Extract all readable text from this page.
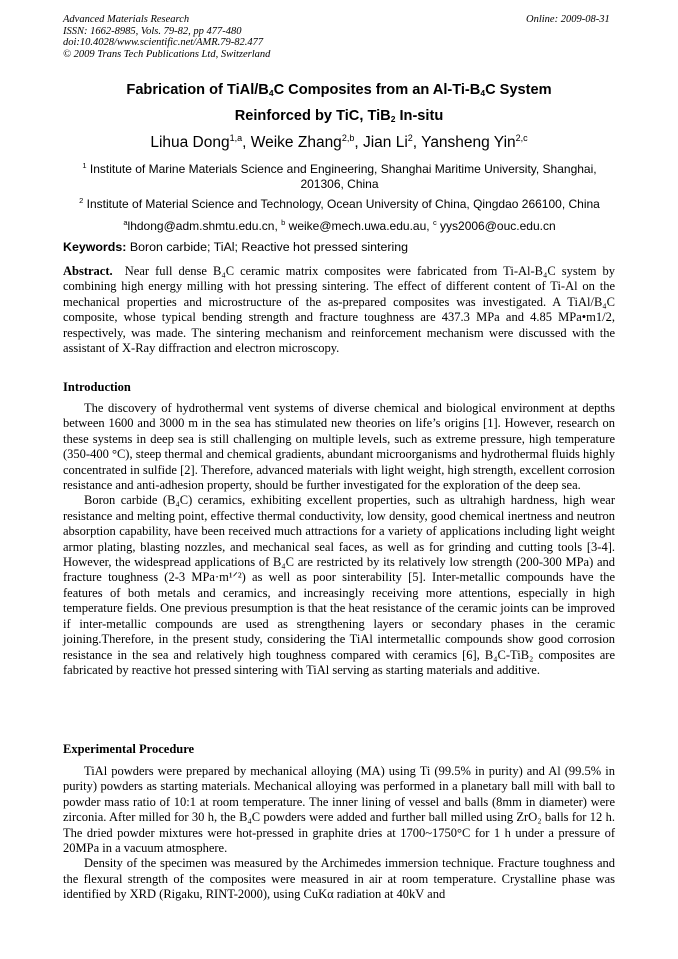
Advanced Materials Research
ISSN: 1662-8985, Vols. 79-82, pp 477-480
doi:10.4028/www.scientific.net/AMR.79-82.477
© 2009 Trans Tech Publications Ltd, Switzerland
Online: 2009-08-31
Fabrication of TiAl/$B_4C$ Composites from an $Al-Ti-B_4C$ System
Reinforced by TiC, TiB$_2$ In-situ
Lihua Dong$^{1,a}$, Weike Zhang$^{2,b}$, Jian Li$^2$, Yansheng Yin$^{2,c}$
$^1$ Institute of Marine Materials Science and Engineering, Shanghai Maritime University, Shanghai, 201306, China
$^2$ Institute of Material Science and Technology, Ocean University of China, Qingdao 266100, China
$^a$lhdong@adm.shmtu.edu.cn, $^b$ weike@mech.uwa.edu.au, $^c$ yys2006@ouc.edu.cn
Keywords: Boron carbide; TiAl; Reactive hot pressed sintering

Abstract. Near full dense B₄C ceramic matrix composites were fabricated from Ti-Al-B₄C system by combining high energy milling with hot pressing sintering. The effect of different content of Ti-Al on the mechanical properties and microstructure of the as-prepared composites was investigated. A TiAl/B₄C composite, whose typical bending strength and fracture toughness are 437.3 MPa and 4.85 MPa•m1/2, respectively, was made. The sintering mechanism and reinforcement mechanism were discussed with the assistant of X-Ray diffraction and electron microscopy.

Introduction

The discovery of hydrothermal vent systems of diverse chemical and biological environment at depths between 1600 and 3000 m in the sea has stimulated new theories on life’s origins [1]. However, research on these systems in deep sea is still challenging on multiple levels, such as extreme pressure, high temperature (350-400 °C), steep thermal and chemical gradients, abundant microorganisms and hydrothermal fluids highly concentrated in sulfide [2]. Therefore, advanced materials with light weight, high strength, excellent corrosion resistance and anti-adhesion property, should be further investigated for the exploration of the deep sea.

Boron carbide (B₄C) ceramics, exhibiting excellent properties, such as ultrahigh hardness, high wear resistance and melting point, effective thermal conductivity, low density, good chemical inertness and neutron absorption capability, have been received much attractions for a variety of applications including light weight armor plating, blasting nozzles, and mechanical seal faces, as well as for grinding and cutting tools [3-4]. However, the widespread applications of B₄C are restricted by its relatively low strength (200-300 MPa) and fracture toughness (2-3 MPa·m¹ᐟ²) as well as poor sinterability [5]. Inter-metallic compounds have the features of both metals and ceramics, and increasingly receiving more attentions, especially in high temperature fields. One previous presumption is that the heat resistance of the ceramic joints can be improved if inter-metallic compounds are used as strengthening layers or secondary phases in the ceramic joining.Therefore, in the present study, considering the TiAl intermetallic compounds show good corrosion resistance in the sea and relatively high toughness compared with ceramics [6], B₄C-TiB₂ composites are fabricated by reactive hot pressed sintering with TiAl serving as starting materials and additive.

Experimental Procedure

TiAl powders were prepared by mechanical alloying (MA) using Ti (99.5% in purity) and Al (99.5% in purity) powders as starting materials. Mechanical alloying was performed in a planetary ball mill with ball to powder mass ratio of 10:1 at room temperature. The inner lining of vessel and balls (8mm in diameter) were zirconia. After milled for 30 h, the B₄C powders were added and further ball milled using ZrO₂ balls for 12 h. The dried powder mixtures were hot-pressed in graphite dries at 1700~1750°C for 1 h under a pressure of 20MPa in a vacuum atmosphere.

Density of the specimen was measured by the Archimedes immersion technique. Fracture toughness and the flexural strength of the composites were measured in air at room temperature. Crystalline phase was identified by XRD (Rigaku, RINT-2000), using CuKα radiation at 40kV and
